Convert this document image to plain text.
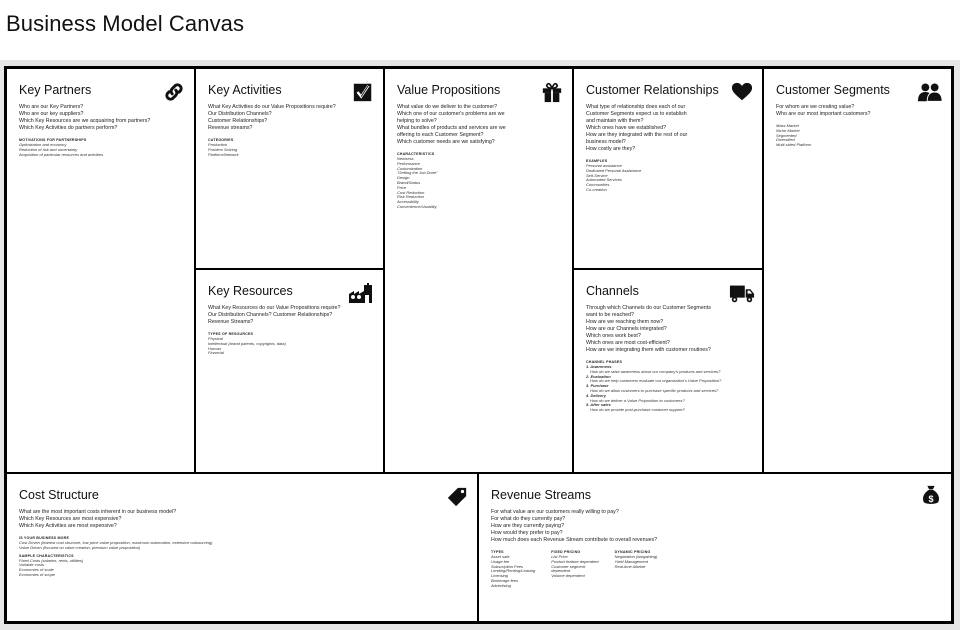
Business Model Canvas
Key Partners
Who are our Key Partners?
Who are our key suppliers?
Which Key Resources are we acquairing from partners?
Which Key Activities do partners perform?
MOTIVATIONS FOR PARTNERSHIPS
Optimization and economy
Reduction of risk and uncertainty
Acquisition of particular resources and activities
Key Activities
What Key Activities do our Value Propositions require?
Our Distribution Channels?
Customer Relationships?
Revenue streams?
CATEGORIES
Production
Problem Solving
Platform/Network
Key Resources
What Key Resources do our Value Propositions require?
Our Distribution Channels? Customer Relationships?
Revenue Streams?
TYPES OF RESOURCES
Physical
Intellectual (brand patents, copyrights, data)
Human
Financial
Value Propositions
What value do we deliver to the customer?
Which one of our customer's problems are we
helping to solve?
What bundles of products and services are we
offering to each Customer Segment?
Which customer needs are we satisfying?
CHARACTERISTICS
Newness
Performance
Customization
"Getting the Job Done"
Design
Brand/Status
Price
Cost Reduction
Risk Reduction
Accessibility
Convenience/Usability
Customer Relationships
What type of relationship does each of our
Customer Segments expect us to establish
and maintain with them?
Which ones have we established?
How are they integrated with the rest of our
business model?
How costly are they?
EXAMPLES
Personal assistance
Dedicated Personal Assistance
Self-Service
Automated Services
Communities
Co-creation
Channels
Through which Channels do our Customer Segments
want to be reached?
How are we reaching them now?
How are our Channels integrated?
Which ones work best?
Which ones are most cost-efficient?
How are we integrating them with customer routines?
CHANNEL PHASES
1. Awareness
How do we raise awareness about our company's products and services?
2. Evaluation
How do we help customers evaluate our organization's Value Proposition?
3. Purchase
How do we allow customers to purchase specific products and services?
4. Delivery
How do we deliver a Value Proposition to customers?
5. After sales
How do we provide post-purchase customer support?
Customer Segments
For whom are we creating value?
Who are our most important customers?
Mass Market
Niche Market
Segmented
Diversified
Multi-sided Platform
Cost Structure
What are the most important costs inherent in our business model?
Which Key Resources are most expensive?
Which Key Activities are most expensive?
IS YOUR BUSINESS MORE
Cost Driven (leanest cost structure, low price value proposition, maximum automation, extensive outsourcing)
Value Driven (focused on value creation, premium value proposition)
SAMPLE CHARACTERISTICS
Fixed Costs (salaries, rents, utilities)
Variable costs
Economies of scale
Economies of scope
Revenue Streams	$
For what value are our customers really willing to pay?
For what do they currently pay?
How are they currently paying?
How would they prefer to pay?
How much does each Revenue Stream contribute to overall revenues?
TYPES
Asset sale
Usage fee
Subscription Fees
Lending/Renting/Leasing
Licensing
Brokerage fees
Advertising
FIXED PRICING
List Price
Product feature dependent
Customer segment
dependent
Volume dependent
DYNAMIC PRICING
Negotiation (bargaining)
Yield Management
Real-time-Market
